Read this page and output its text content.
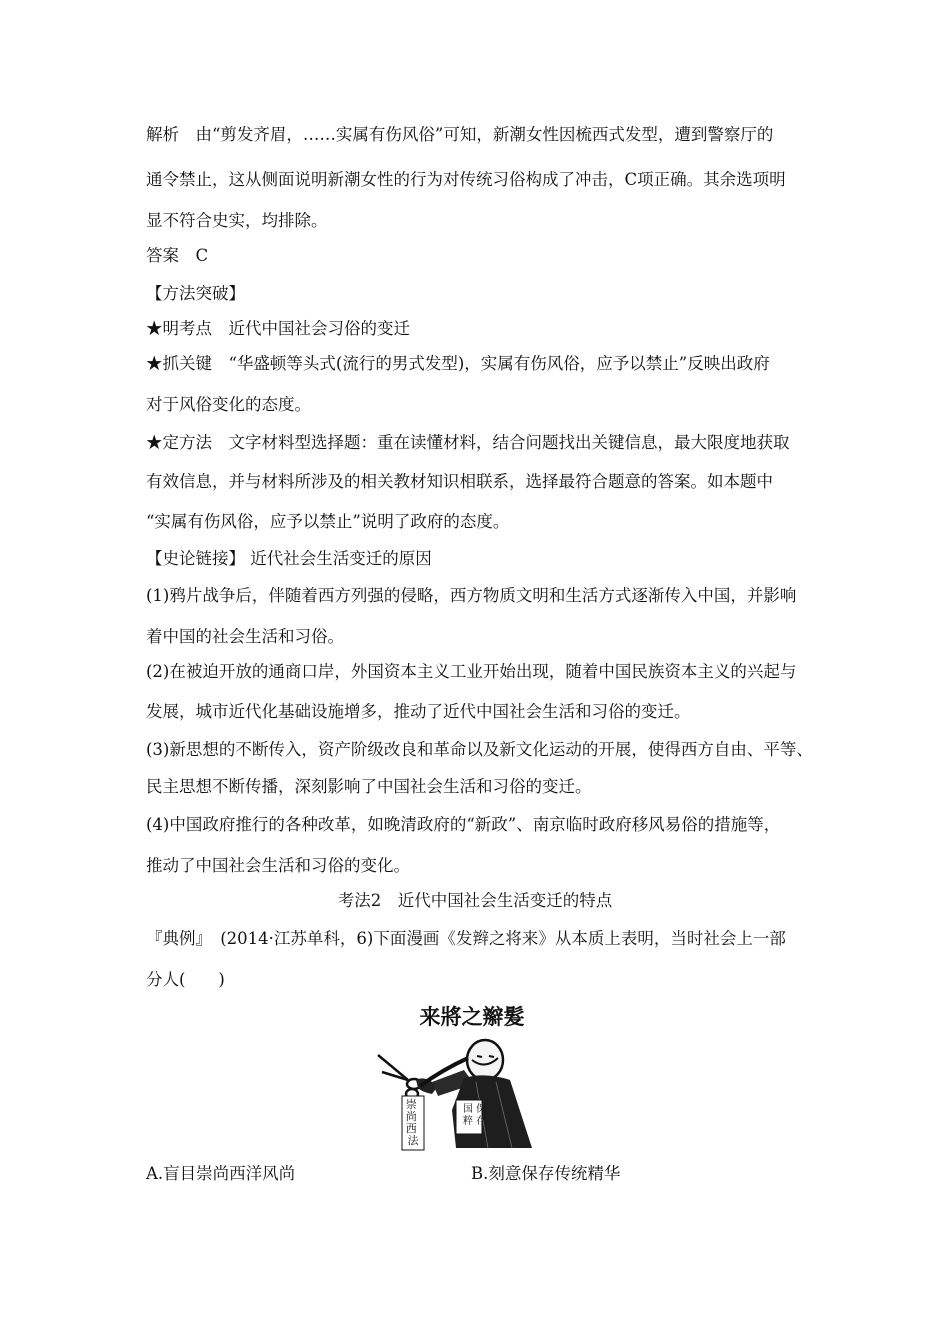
解析　由“剪发齐眉，……实属有伤风俗”可知，新潮女性因梳西式发型，遭到警察厅的
通令禁止，这从侧面说明新潮女性的行为对传统习俗构成了冲击，C项正确。其余选项明
显不符合史实，均排除。
答案　C
【方法突破】
★明考点　近代中国社会习俗的变迁
★抓关键　“华盛顿等头式(流行的男式发型)，实属有伤风俗，应予以禁止”反映出政府
对于风俗变化的态度。
★定方法　文字材料型选择题：重在读懂材料，结合问题找出关键信息，最大限度地获取
有效信息，并与材料所涉及的相关教材知识相联系，选择最符合题意的答案。如本题中
“实属有伤风俗，应予以禁止”说明了政府的态度。
【史论链接】 近代社会生活变迁的原因
(1)鸦片战争后，伴随着西方列强的侵略，西方物质文明和生活方式逐渐传入中国，并影响
着中国的社会生活和习俗。
(2)在被迫开放的通商口岸，外国资本主义工业开始出现，随着中国民族资本主义的兴起与
发展，城市近代化基础设施增多，推动了近代中国社会生活和习俗的变迁。
(3)新思想的不断传入，资产阶级改良和革命以及新文化运动的开展，使得西方自由、平等、
民主思想不断传播，深刻影响了中国社会生活和习俗的变迁。
(4)中国政府推行的各种改革，如晚清政府的“新政”、南京临时政府移风易俗的措施等，
推动了中国社会生活和习俗的变化。
考法2　近代中国社会生活变迁的特点
『典例』　(2014·江苏单科，6)下面漫画《发辫之将来》从本质上表明，当时社会上一部
分人(　　)
来將之辮髮
崇 尚 西 法
保 存 国 粹
A.盲目崇尚西洋风尚	B.刻意保存传统精华
